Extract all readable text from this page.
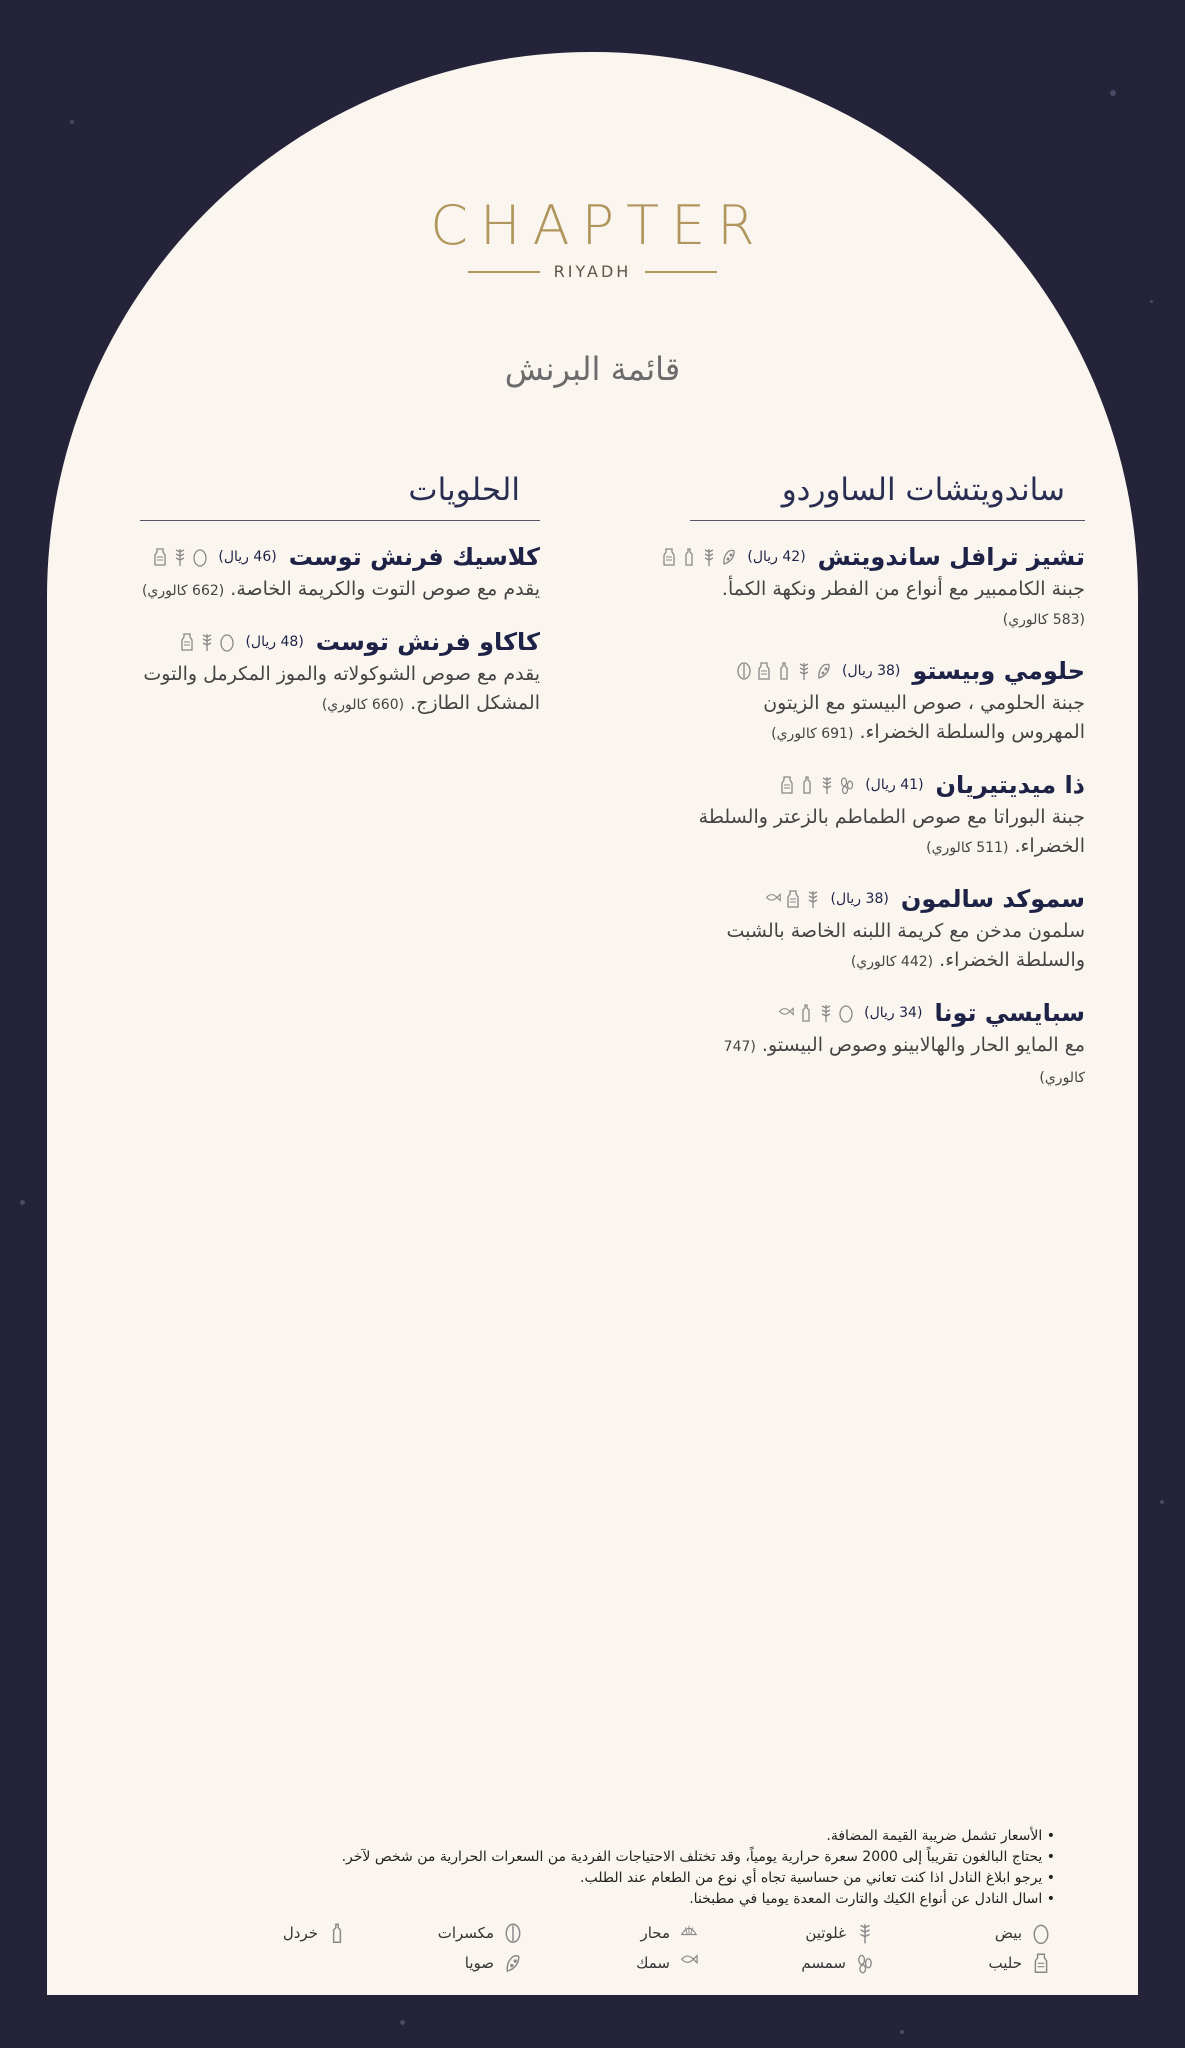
CHAPTER
RIYADH
قائمة البرنش
ساندويتشات الساوردو
تشيز ترافل ساندويتش
(42 ريال)
جبنة الكاممبير مع أنواع من الفطر ونكهة الكمأ. (583 كالوري)
حلومي وبيستو
(38 ريال)
جبنة الحلومي ، صوص البيستو مع الزيتون المهروس والسلطة الخضراء. (691 كالوري)
ذا ميديتيريان
(41 ريال)
جبنة البوراتا مع صوص الطماطم بالزعتر والسلطة الخضراء. (511 كالوري)
سموكد سالمون
(38 ريال)
سلمون مدخن مع كريمة اللبنه الخاصة بالشبت والسلطة الخضراء. (442 كالوري)
سبايسي تونا
(34 ريال)
مع المايو الحار والهالابينو وصوص البيستو. (747 كالوري)
الحلويات
كلاسيك فرنش توست
(46 ريال)
يقدم مع صوص التوت والكريمة الخاصة. (662 كالوري)
كاكاو فرنش توست
(48 ريال)
يقدم مع صوص الشوكولاته والموز المكرمل والتوت المشكل الطازج. (660 كالوري)
• الأسعار تشمل ضريبة القيمة المضافة.
• يحتاج البالغون تقريباً إلى 2000 سعرة حرارية يومياً، وقد تختلف الاحتياجات الفردية من السعرات الحرارية من شخص لآخر.
• يرجو ابلاغ النادل اذا كنت تعاني من حساسية تجاه أي نوع من الطعام عند الطلب.
• اسال النادل عن أنواع الكيك والتارت المعدة يوميا في مطبخنا.
بيض
غلوتين
محار
مكسرات
خردل
حليب
سمسم
سمك
صويا
